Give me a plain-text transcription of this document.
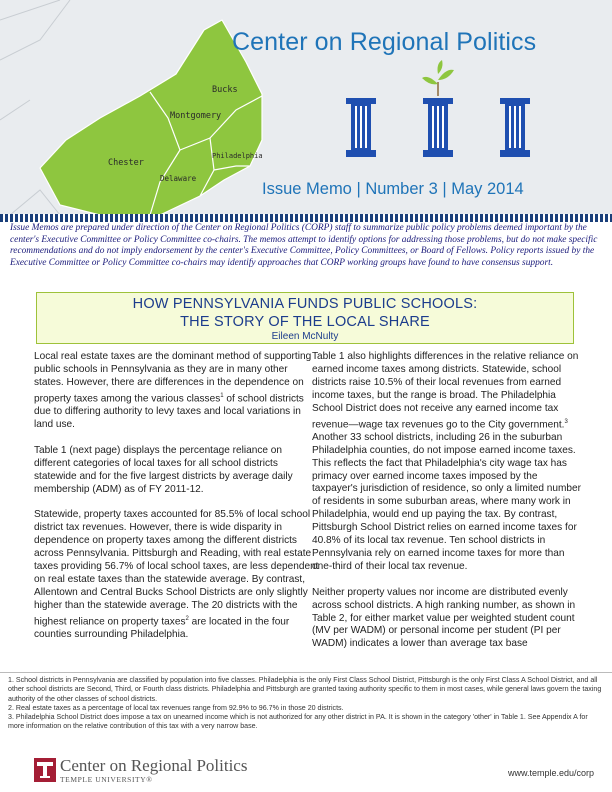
Bucks
Montgomery
Philadelphia
Chester
Delaware
Center on Regional Politics
Issue Memo | Number 3 | May 2014
Issue Memos are prepared under direction of the Center on Regional Politics (CORP) staff to summarize public policy problems deemed important by the center's Executive Committee or Policy Committee co-chairs. The memos attempt to identify options for addressing those problems, but do not make specific recommendations and do not imply endorsement by the center's Executive Committee, Policy Committees, or Board of Fellows. Policy reports issued by the Executive Committee or Policy Committee co-chairs may identify approaches that CORP working groups have found to have consensus support.
HOW PENNSYLVANIA FUNDS PUBLIC SCHOOLS:
THE STORY OF THE LOCAL SHARE
Eileen McNulty

Local real estate taxes are the dominant method of supporting public schools in Pennsylvania as they are in many other states. However, there are differences in the dependence on property taxes among the various classes$^1$ of school districts due to differing authority to levy taxes and local variations in land use.

Table 1 (next page) displays the percentage reliance on different categories of local taxes for all school districts statewide and for the five largest districts by average daily membership (ADM) as of FY 2011-12.

Statewide, property taxes accounted for 85.5% of local school district tax revenues. However, there is wide disparity in dependence on property taxes among the different districts across Pennsylvania. Pittsburgh and Reading, with real estate taxes providing 56.7% of local school taxes, are less dependent on real estate taxes than the statewide average. By contrast, Allentown and Central Bucks School Districts are only slightly higher than the statewide average. The 20 districts with the highest reliance on property taxes$^2$ are located in the four counties surrounding Philadelphia.

Table 1 also highlights differences in the relative reliance on earned income taxes among districts. Statewide, school districts raise 10.5% of their local revenues from earned income taxes, but the range is broad. The Philadelphia School District does not receive any earned income tax revenue—wage tax revenues go to the City government.$^3$ Another 33 school districts, including 26 in the suburban Philadelphia counties, do not impose earned income taxes. This reflects the fact that Philadelphia's city wage tax has primacy over earned income taxes imposed by the taxpayer's jurisdiction of residence, so only a limited number of residents in some suburban areas, where many work in Philadelphia, would end up paying the tax. By contrast, Pittsburgh School District relies on earned income taxes for 40.8% of its local tax revenue. Ten school districts in Pennsylvania rely on earned income taxes for more than one-third of their local tax revenue.

Neither property values nor income are distributed evenly across school districts. A high ranking number, as shown in Table 2, for either market value per weighted student count (MV per WADM) or personal income per student (PI per WADM) indicates a lower than average tax base

1. School districts in Pennsylvania are classified by population into five classes. Philadelphia is the only First Class School District, Pittsburgh is the only First Class A School District, and all other school districts are Second, Third, or Fourth class districts. Philadelphia and Pittsburgh are granted taxing authority specific to them in most cases, while general laws govern the taxing authority of the other classes of school districts.

2. Real estate taxes as a percentage of local tax revenues range from 92.9% to 96.7% in those 20 districts.

3. Philadelphia School District does impose a tax on unearned income which is not authorized for any other district in PA. It is shown in the category 'other' in Table 1. See Appendix A for more information on the relative contribution of this tax with a very narrow base.

Center on Regional Politics
TEMPLE UNIVERSITY®
www.temple.edu/corp
